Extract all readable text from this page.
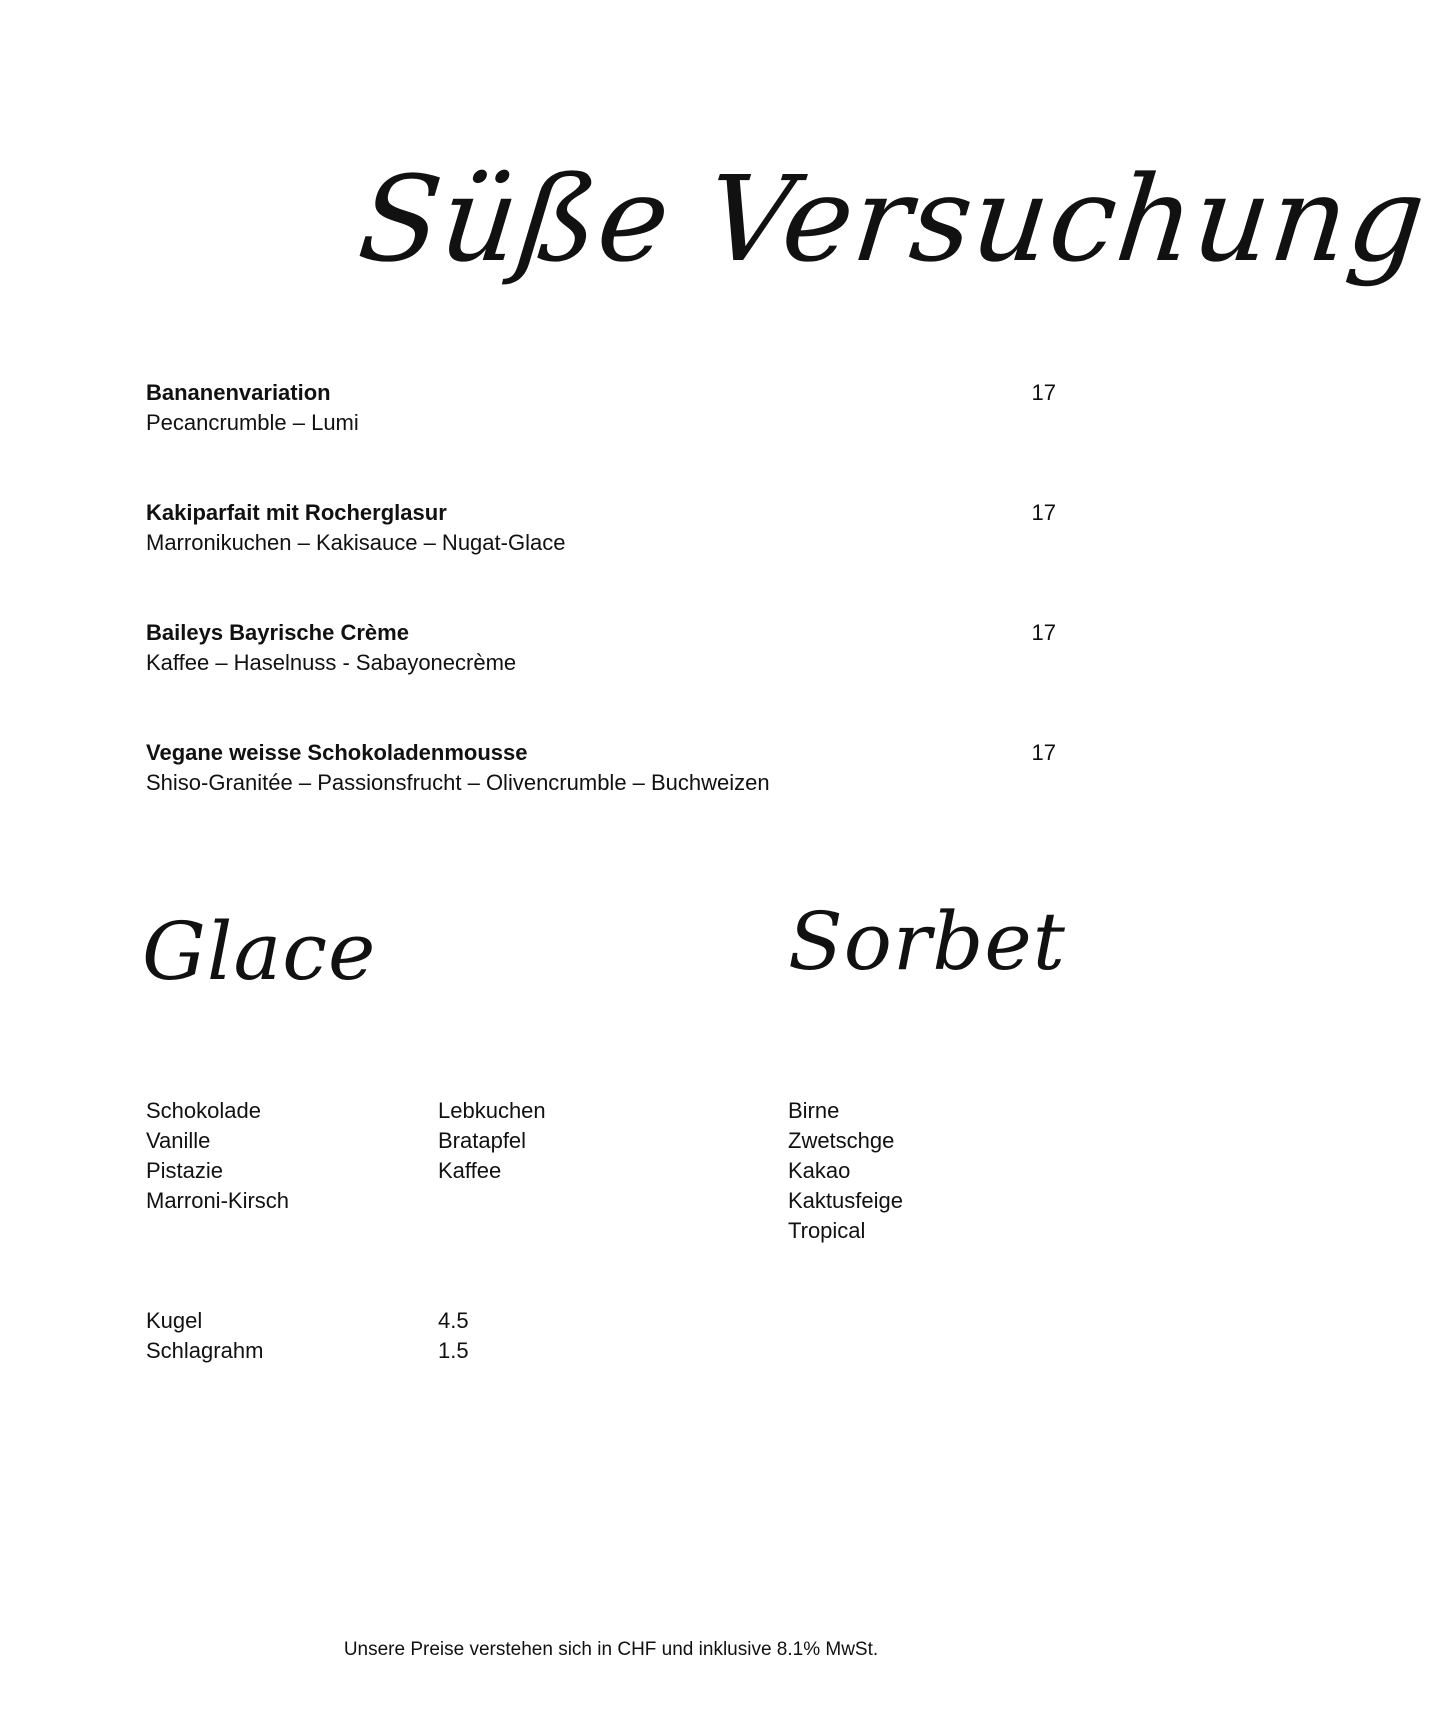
Süße Versuchung
Bananenvariation
Pecancrumble – Lumi
17
Kakiparfait mit Rocherglasur
Marronikuchen – Kakisauce – Nugat-Glace
17
Baileys Bayrische Crème
Kaffee – Haselnuss - Sabayonecrème
17
Vegane weisse Schokoladenmousse
Shiso-Granitée – Passionsfrucht – Olivencrumble – Buchweizen
17
Glace
Schokolade
Vanille
Pistazie
Marroni-Kirsch
Lebkuchen
Bratapfel
Kaffee
Sorbet
Birne
Zwetschge
Kakao
Kaktusfeige
Tropical
Kugel
Schlagrahm
4.5
1.5
Unsere Preise verstehen sich in CHF und inklusive 8.1% MwSt.
